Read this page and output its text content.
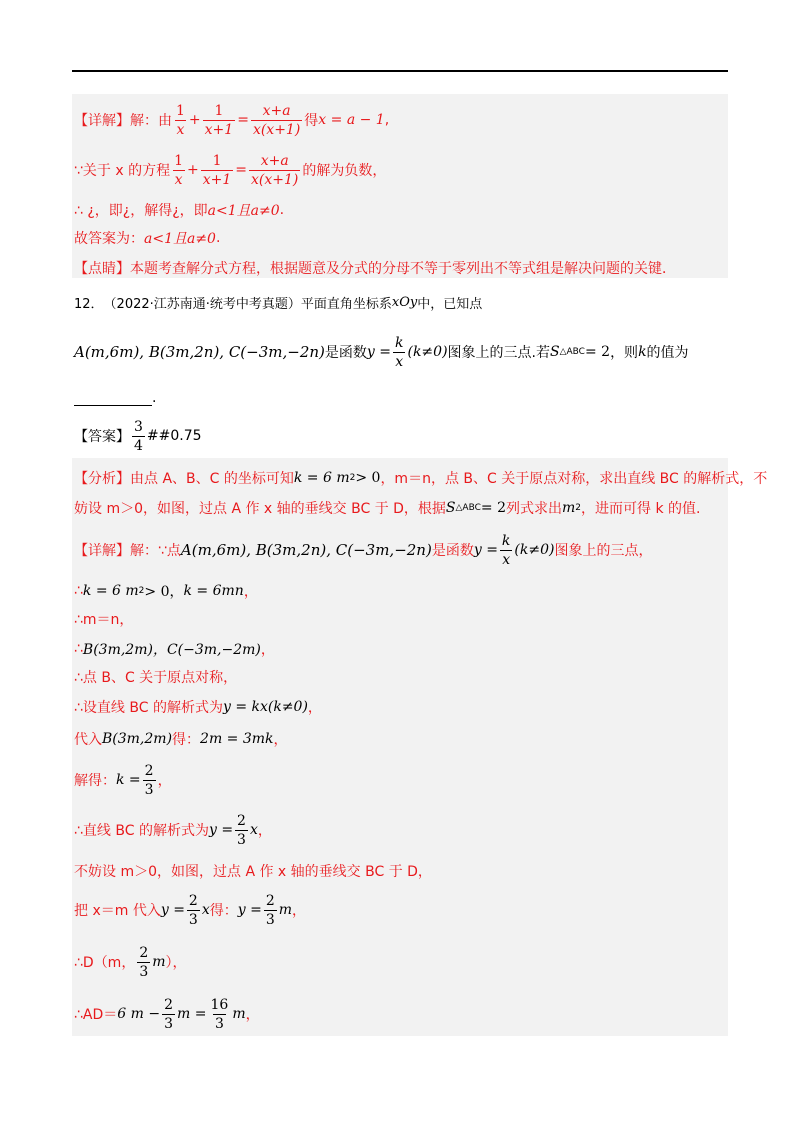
【详解】 解：由 $\frac{1}{x} + \frac{1}{x+1} = \frac{x+a}{x(x+1)}$ 得 x = a − 1 ,
∵关于 x 的方程 $\frac{1}{x} + \frac{1}{x+1} = \frac{x+a}{x(x+1)}$ 的解为负数，
∴ ¿，即¿，解得¿，即 a<1且a≠0 .
故答案为： a<1且a≠0 .
【点睛】 本题考查解分式方程，根据题意及分式的分母不等于零列出不等式组是解决问题的关键．
12． （2022·江苏南通·统考中考真题）平面直角坐标系 xOy 中，已知点
A(m,6m), B(3m,2n), C(−3m,−2n) 是函数 $y = \frac{k}{x} (k\ne 0)$ 图象上的三点.若 S △ABC = 2 ，则 k 的值为
.
【答案】 $\frac{3}{4}$ ##0.75
【分析】 由点 A、B、C 的坐标可知 k = 6 m 2 > 0 ，m＝n，点 B、C 关于原点对称，求出直线 BC 的解析式，不
妨设 m＞0，如图，过点 A 作 x 轴的垂线交 BC 于 D，根据 S △ABC = 2 列式求出 m 2 ，进而可得 k 的值.
【详解】 解：∵点 A(m,6m), B(3m,2n), C(−3m,−2n) 是函数 $y = \frac{k}{x} (k\ne 0)$ 图象上的三点，
∴ k = 6 m 2 > 0， k = 6mn ，
∴m＝n，
∴ B(3m,2m)，C(−3m,−2m) ，
∴点 B、C 关于原点对称，
∴设直线 BC 的解析式为 y = kx(k≠0) ，
代入 B(3m,2m) 得： 2m = 3mk ，
解得： $k = \frac{2}{3}$ ，
∴直线 BC 的解析式为 $y = \frac{2}{3}$ x ，
不妨设 m＞0，如图，过点 A 作 x 轴的垂线交 BC 于 D，
把 x＝m 代入 $y = \frac{2}{3}$ x 得： $y = \frac{2}{3}$ m ，
∴D（m， $\frac{2}{3}$ m ），
∴AD＝ 6 $m - \frac{2}{3}$ $m = \frac{16}{3}$ m ，
